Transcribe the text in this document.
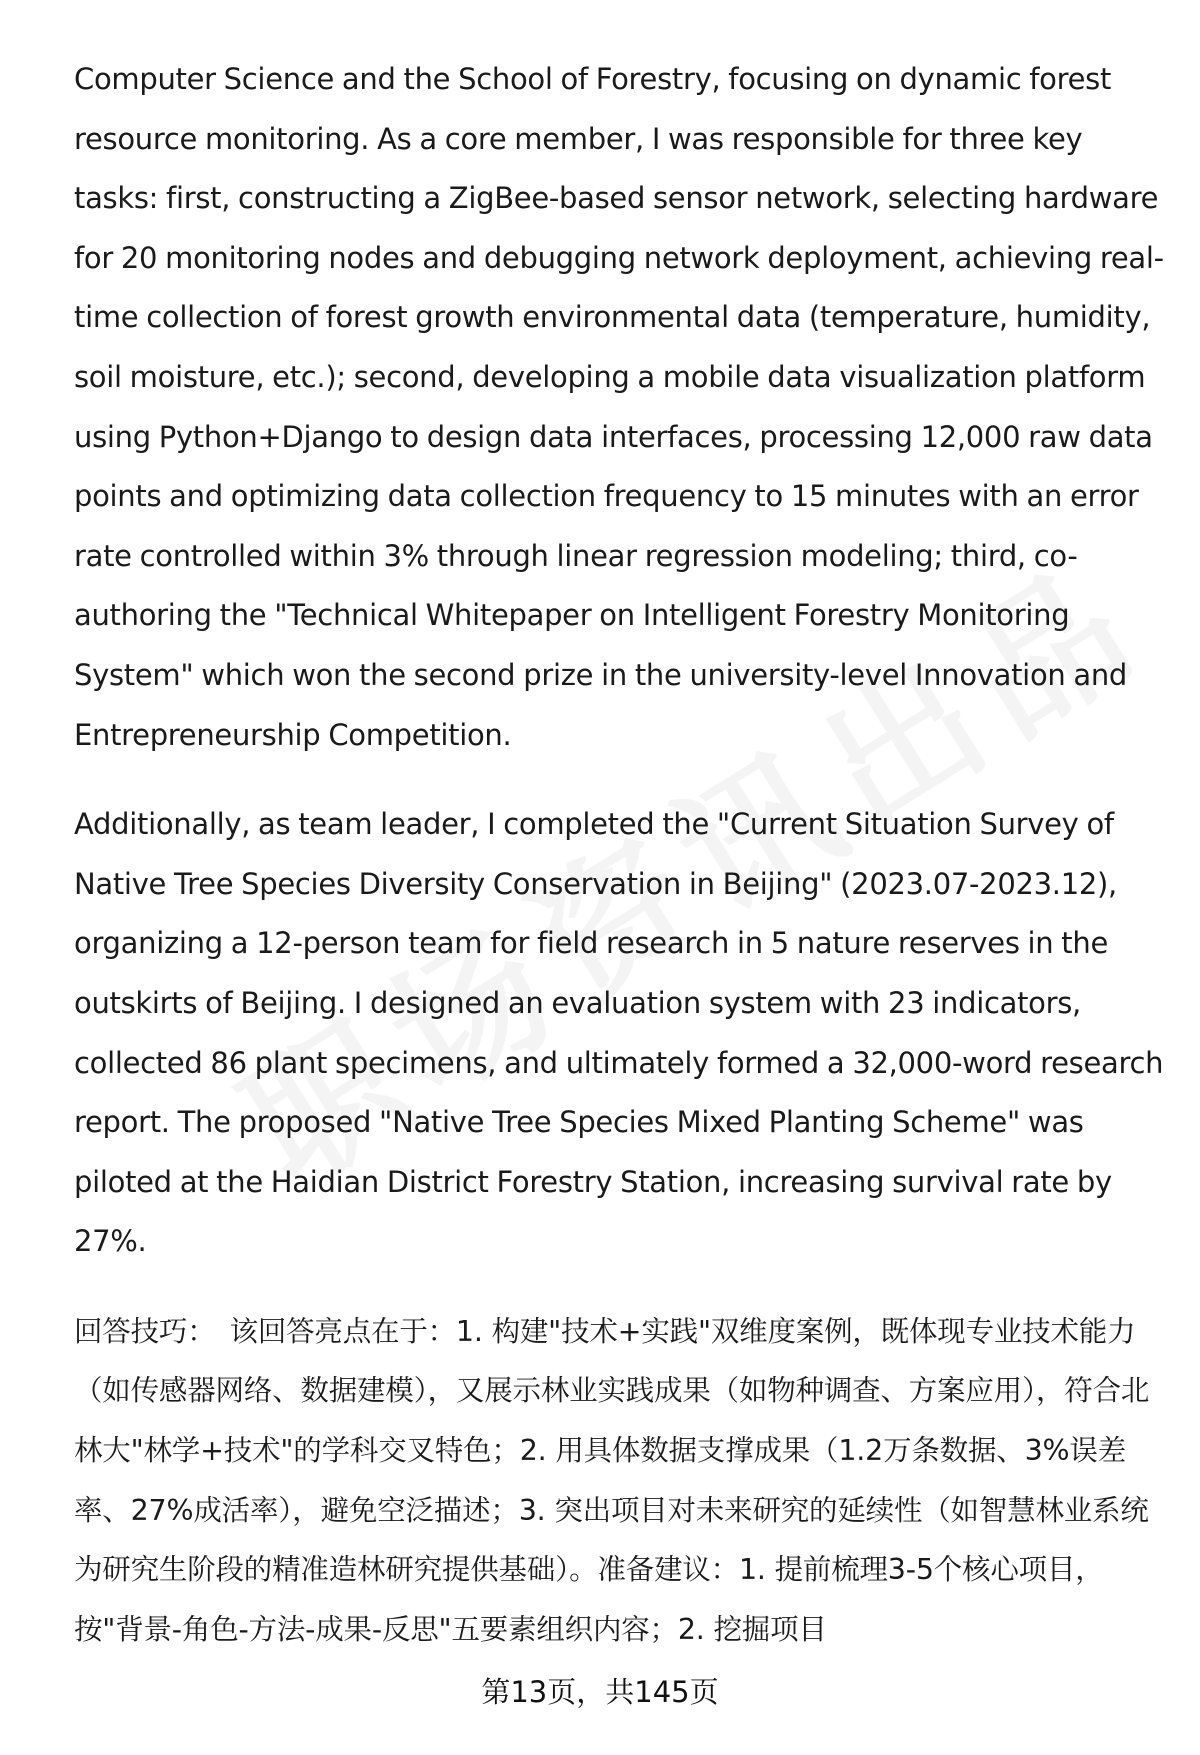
Computer Science and the School of Forestry, focusing on dynamic forest resource monitoring. As a core member, I was responsible for three key tasks: first, constructing a ZigBee-based sensor network, selecting hardware for 20 monitoring nodes and debugging network deployment, achieving real-time collection of forest growth environmental data (temperature, humidity, soil moisture, etc.); second, developing a mobile data visualization platform using Python+Django to design data interfaces, processing 12,000 raw data points and optimizing data collection frequency to 15 minutes with an error rate controlled within 3% through linear regression modeling; third, co-authoring the "Technical Whitepaper on Intelligent Forestry Monitoring System" which won the second prize in the university-level Innovation and Entrepreneurship Competition.

Additionally, as team leader, I completed the "Current Situation Survey of Native Tree Species Diversity Conservation in Beijing" (2023.07-2023.12), organizing a 12-person team for field research in 5 nature reserves in the outskirts of Beijing. I designed an evaluation system with 23 indicators, collected 86 plant specimens, and ultimately formed a 32,000-word research report. The proposed "Native Tree Species Mixed Planting Scheme" was piloted at the Haidian District Forestry Station, increasing survival rate by 27%.

回答技巧： 该回答亮点在于：1. 构建"技术+实践"双维度案例，既体现专业技术能力（如传感器网络、数据建模），又展示林业实践成果（如物种调查、方案应用），符合北林大"林学+技术"的学科交叉特色；2. 用具体数据支撑成果（1.2万条数据、3%误差率、27%成活率），避免空泛描述；3. 突出项目对未来研究的延续性（如智慧林业系统为研究生阶段的精准造林研究提供基础）。准备建议：1. 提前梳理3-5个核心项目，按"背景-角色-方法-成果-反思"五要素组织内容；2. 挖掘项目

第13页，共145页
